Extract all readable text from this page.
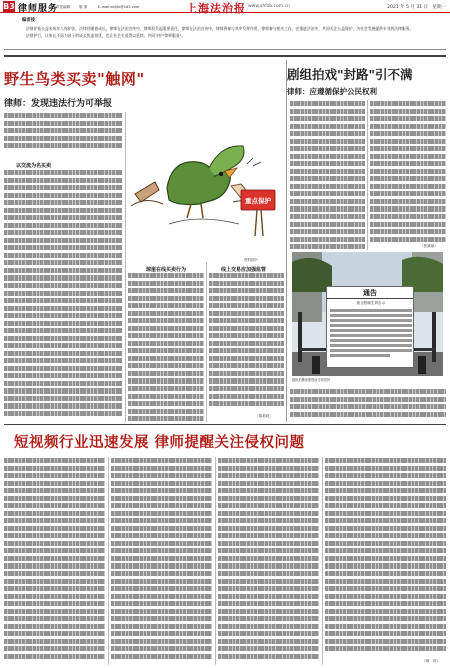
B3 律师服务
责任编辑 版 面	E-mail:ahljfz@163.com	上海法治报 www.shfzb.com.cn	2021 年 5 月 31 日　星期一
编者按：
法律护佑公益未成年人保护法，法律伴随着成长。律师在法治宣传中，律师担负起重要责任，律师在法治宣传中，律师将参与其中发挥作用，律师参与相关工作，在推进法治中，共同关注公益保护，为社会发展提供专业的法律服务。
法律护行，让家长不再为孩子的成长焦虑担忧，也让社会关爱得以延续，共同守护"律师服务"。
野生鸟类买卖"触网"
律师：发现违法行为可举报
以交流为名买卖
重点保护
资料图片
琼崖在线买卖行为	线上交易应加强监管
（陈莉莉）
剧组拍戏"封路"引不满
律师：应遵循保护公民权利
（张斌斌）
通告
致全校师生的告示
剧组拍摄前需提前告知居民
短视频行业迅速发展 律师提醒关注侵权问题
（顾　祥）
